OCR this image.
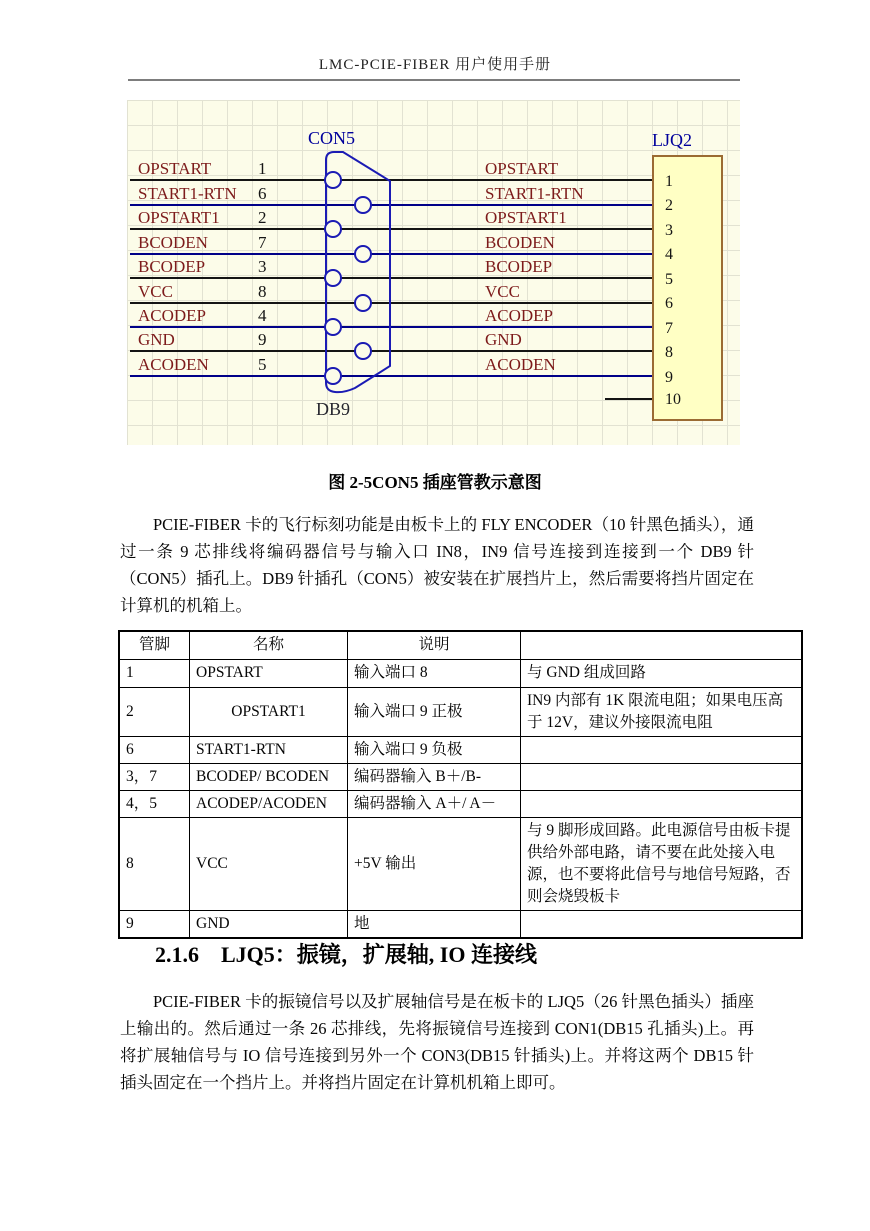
LMC-PCIE-FIBER 用户使用手册
CON5
DB9
LJQ2
OPSTART	1
START1-RTN 6
OPSTART1 2
BCODEN	7
BCODEP	3
VCC	8
ACODEP	4
GND	9
ACODEN	5
OPSTART
START1-RTN
OPSTART1
BCODEN
BCODEP
VCC
ACODEP
GND
ACODEN
1
2
3
4
5
6
7
8
9
10
图 2-5CON5 插座管教示意图
PCIE-FIBER 卡的飞行标刻功能是由板卡上的 FLY ENCODER（10 针黑色插头），通过一条 9 芯排线将编码器信号与输入口 IN8，IN9 信号连接到连接到一个 DB9 针（CON5）插孔上。DB9 针插孔（CON5）被安装在扩展挡片上，然后需要将挡片固定在计算机的机箱上。
管脚	名称	说明	
1	OPSTART	输入端口 8	与 GND 组成回路
2	OPSTART1	输入端口 9 正极	IN9 内部有 1K 限流电阻；如果电压高于 12V，建议外接限流电阻
6	START1-RTN	输入端口 9 负极	
3，7	BCODEP/ BCODEN	编码器输入 B＋/B-	
4，5	ACODEP/ACODEN	编码器输入 A＋/ A－	
8	VCC	+5V 输出	与 9 脚形成回路。此电源信号由板卡提供给外部电路，请不要在此处接入电源，也不要将此信号与地信号短路，否则会烧毁板卡
9	GND	地	
2.1.6 LJQ5：振镜，扩展轴, IO 连接线
PCIE-FIBER 卡的振镜信号以及扩展轴信号是在板卡的 LJQ5（26 针黑色插头）插座上输出的。然后通过一条 26 芯排线，先将振镜信号连接到 CON1(DB15 孔插头)上。再将扩展轴信号与 IO 信号连接到另外一个 CON3(DB15 针插头)上。并将这两个 DB15 针插头固定在一个挡片上。并将挡片固定在计算机机箱上即可。
